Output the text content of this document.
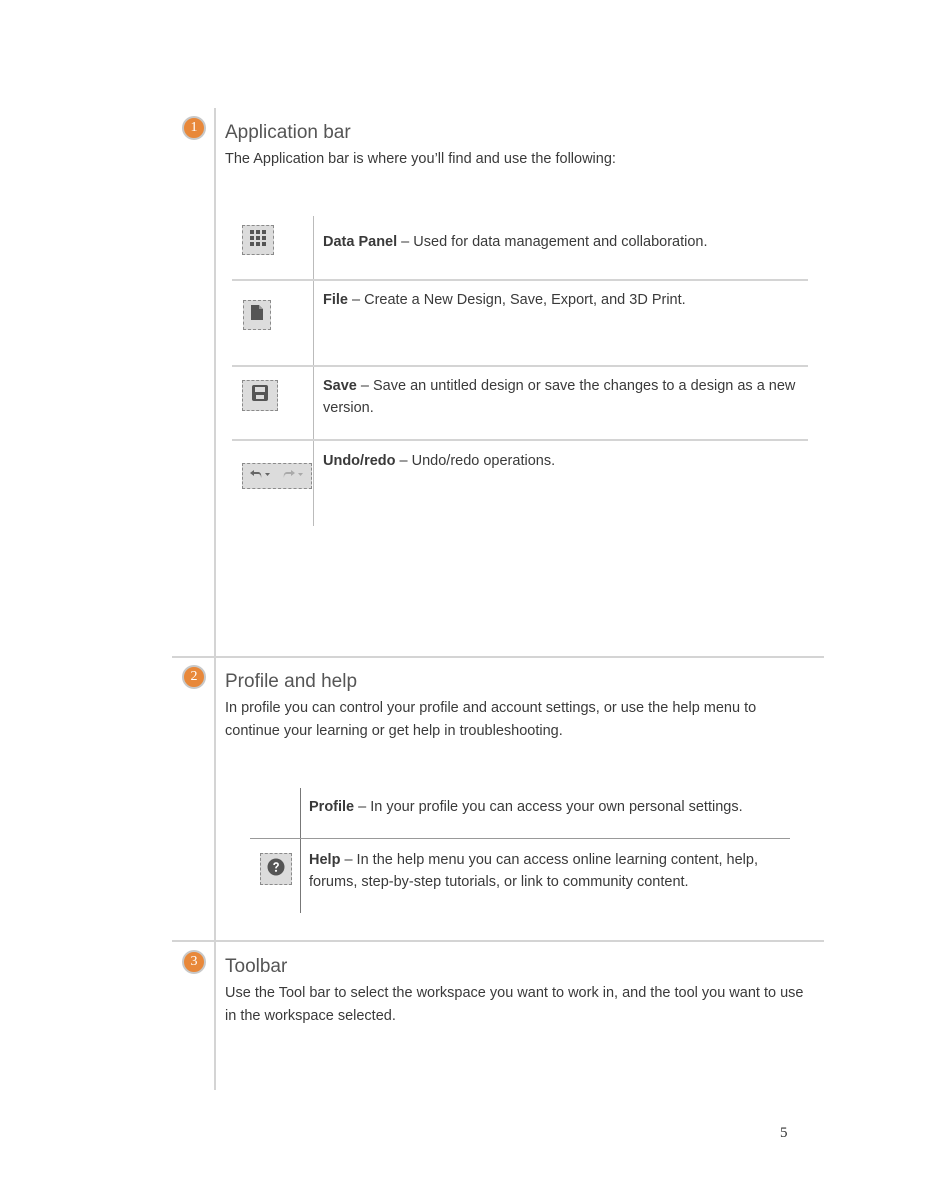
1	Application bar
The Application bar is where you’ll find and use the following:
Data Panel – Used for data management and collaboration.
File – Create a New Design, Save, Export, and 3D Print.
Save – Save an untitled design or save the changes to a design as a new version.
Undo/redo – Undo/redo operations.
2	Profile and help
In profile you can control your profile and account settings, or use the help menu to continue your learning or get help in troubleshooting.
Profile – In your profile you can access your own personal settings.
Help – In the help menu you can access online learning content, help, forums, step-by-step tutorials, or link to community content.
3	Toolbar
Use the Tool bar to select the workspace you want to work in, and the tool you want to use in the workspace selected.
5
